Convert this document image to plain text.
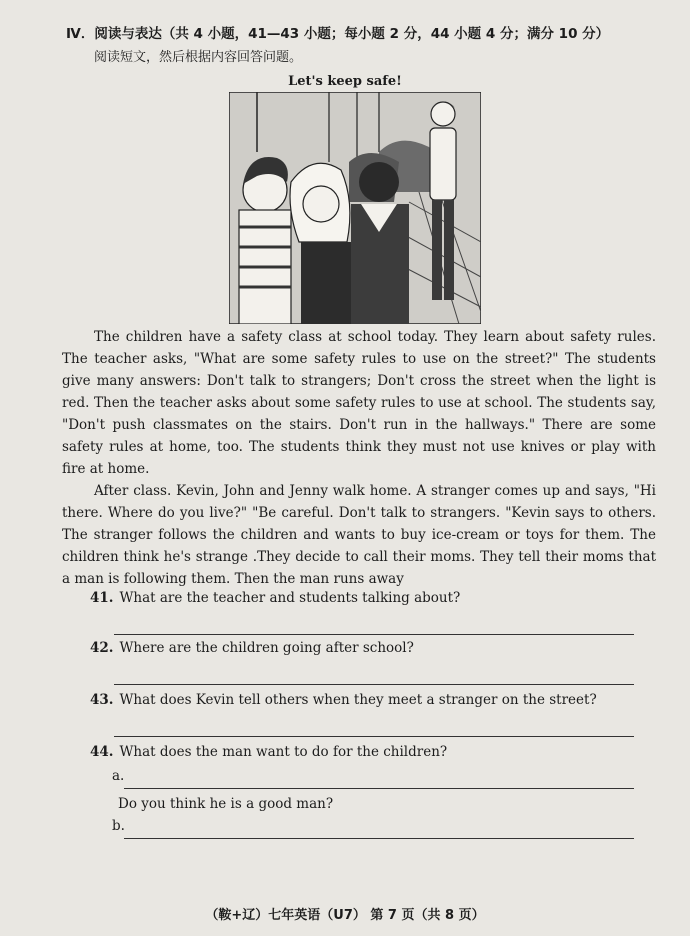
Ⅳ．阅读与表达（共 4 小题，41—43 小题；每小题 2 分，44 小题 4 分；满分 10 分）
阅读短文，然后根据内容回答问题。
Let's keep safe!

The children have a safety class at school today. They learn about safety rules. The teacher asks, "What are some safety rules to use on the street?" The students give many answers: Don't talk to strangers; Don't cross the street when the light is red. Then the teacher asks about some safety rules to use at school. The students say, "Don't push classmates on the stairs. Don't run in the hallways." There are some safety rules at home, too. The students think they must not use knives or play with fire at home.

After class. Kevin, John and Jenny walk home. A stranger comes up and says, "Hi there. Where do you live?" "Be careful. Don't talk to strangers. "Kevin says to others. The stranger follows the children and wants to buy ice-cream or toys for them. The children think he's strange .They decide to call their moms. They tell their moms that a man is following them. Then the man runs away

41. What are the teacher and students talking about?
42. Where are the children going after school?
43. What does Kevin tell others when they meet a stranger on the street?
44. What does the man want to do for the children?
a.
Do you think he is a good man?
b.
（鞍+辽）七年英语（U7） 第 7 页（共 8 页）
